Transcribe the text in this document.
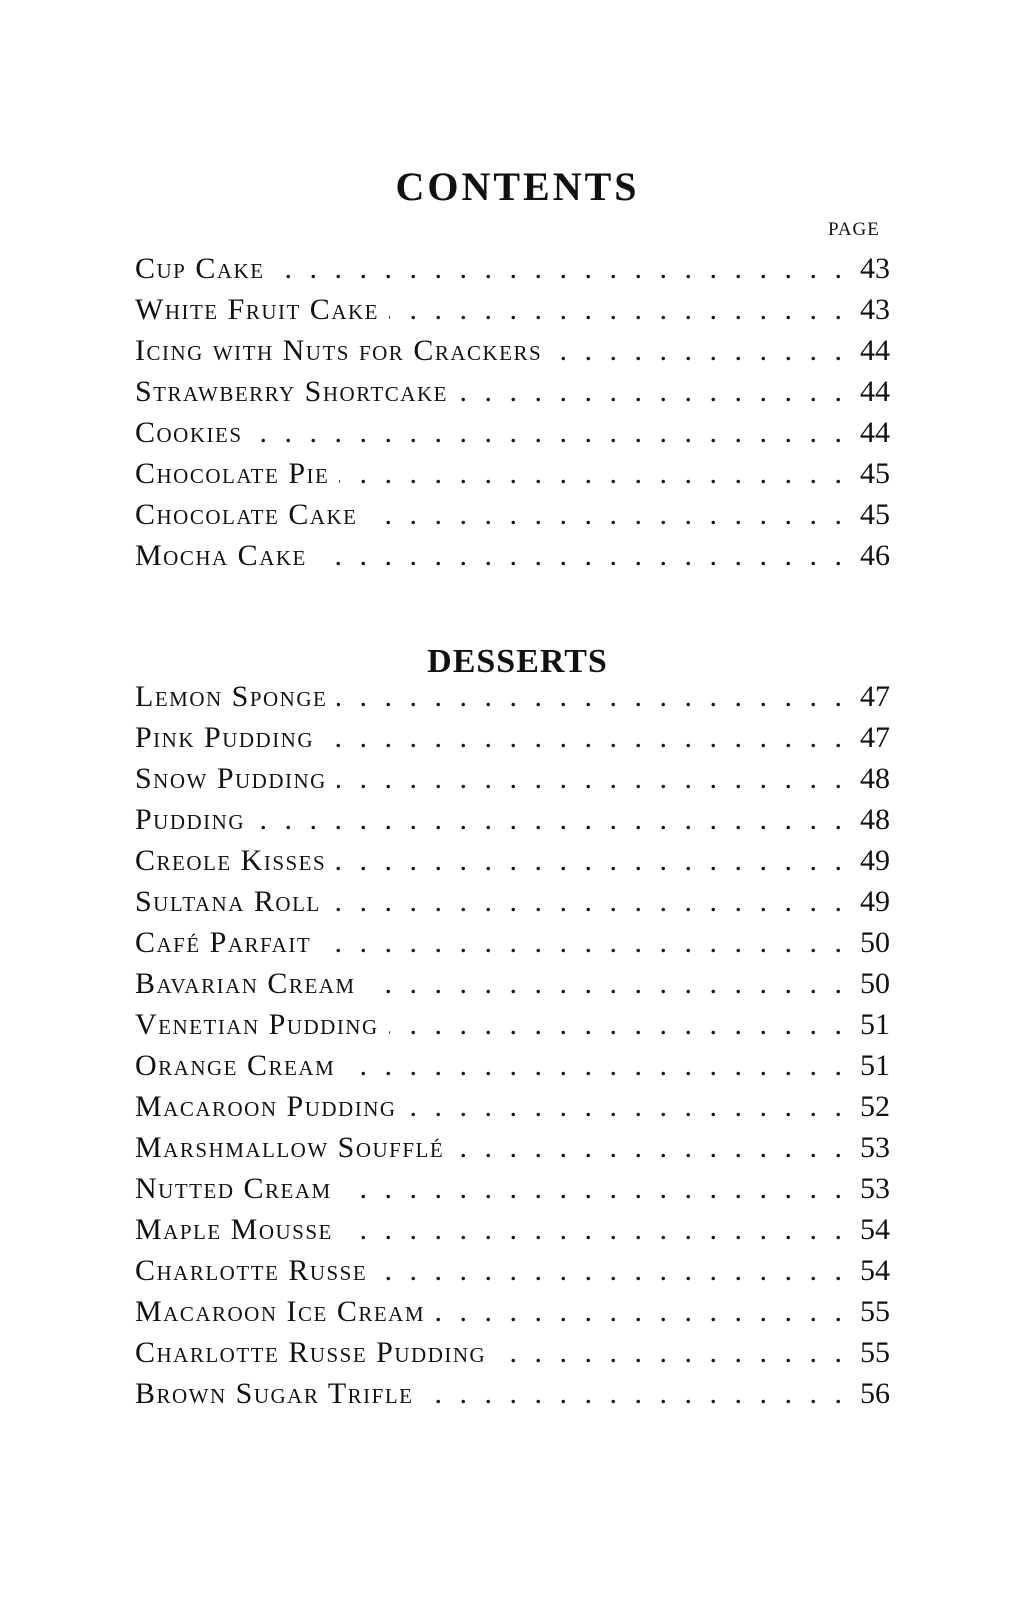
CONTENTS
PAGE
Cup Cake . . .	43
White Fruit Cake . . .	43
Icing with Nuts for Crackers . . .	44
Strawberry Shortcake . . .	44
Cookies . . .	44
Chocolate Pie . . .	45
Chocolate Cake . . .	45
Mocha Cake . . .	46
DESSERTS
Lemon Sponge . . .	47
Pink Pudding . . .	47
Snow Pudding . . .	48
Pudding . . .	48
Creole Kisses . . .	49
Sultana Roll . . .	49
Café Parfait . . .	50
Bavarian Cream . . .	50
Venetian Pudding . . .	51
Orange Cream . . .	51
Macaroon Pudding . . .	52
Marshmallow Soufflé . . .	53
Nutted Cream . . .	53
Maple Mousse . . .	54
Charlotte Russe . . .	54
Macaroon Ice Cream . . .	55
Charlotte Russe Pudding . . .	55
Brown Sugar Trifle . . .	56
